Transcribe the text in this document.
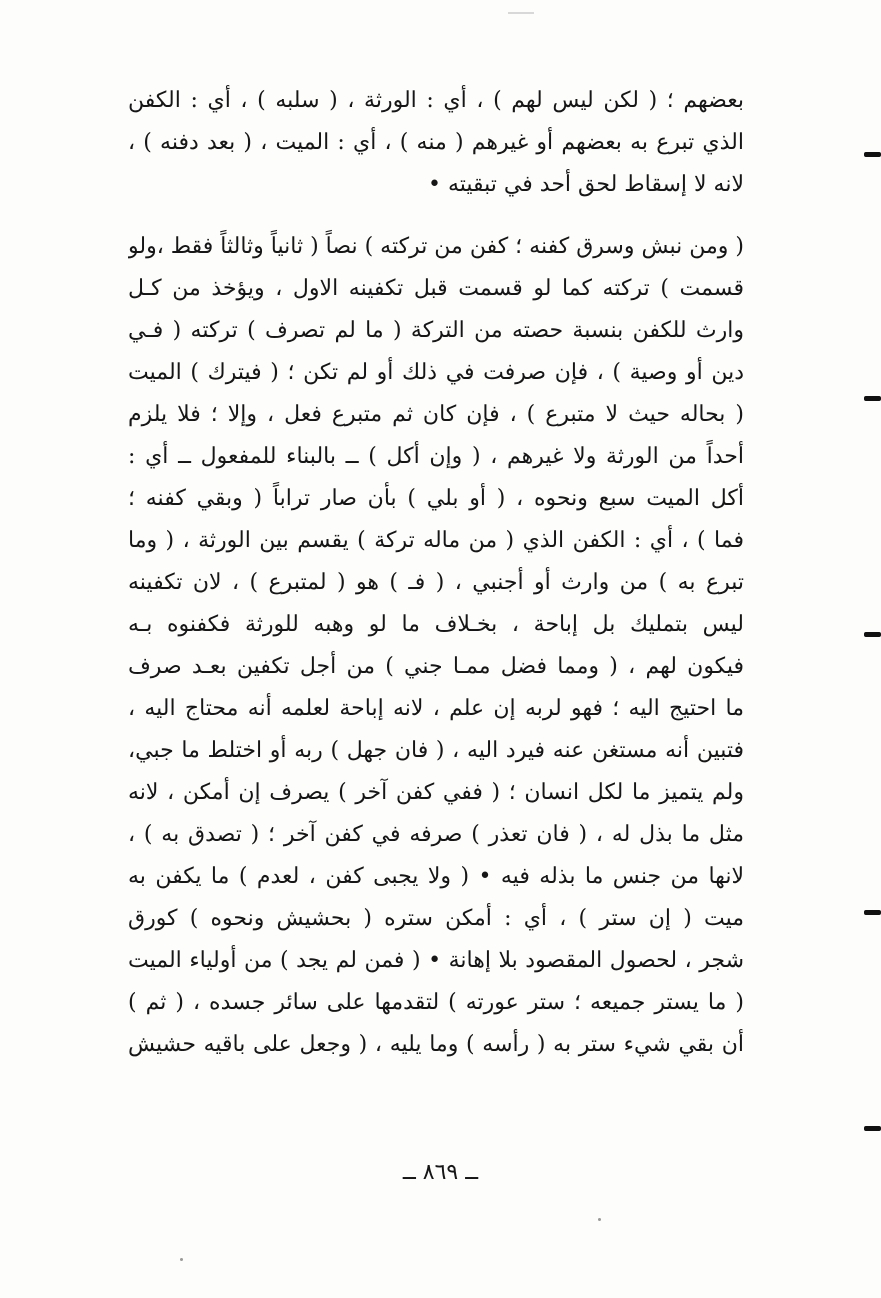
بعضهم ؛ ( لكن ليس لهم ) ، أي : الورثة ، ( سلبه ) ، أي : الكفن
الذي تبرع به بعضهم أو غيرهم ( منه ) ، أي : الميت ، ( بعد دفنه ) ،
لانه لا إسقاط لحق أحد في تبقيته •
( ومن نبش وسرق كفنه ؛ كفن من تركته ) نصاً ( ثانياً وثالثاً فقط ،ولو
قسمت ) تركته كما لو قسمت قبل تكفينه الاول ، ويؤخذ من كـل
وارث للكفن بنسبة حصته من التركة ( ما لم تصرف ) تركته ( فـي
دين أو وصية ) ، فإن صرفت في ذلك أو لم تكن ؛ ( فيترك ) الميت
( بحاله حيث لا متبرع ) ، فإن كان ثم متبرع فعل ، وإلا ؛ فلا يلزم
أحداً من الورثة ولا غيرهم ، ( وإن أكل ) ــ بالبناء للمفعول ــ أي :
أكل الميت سبع ونحوه ، ( أو بلي ) بأن صار تراباً ( وبقي كفنه ؛
فما ) ، أي : الكفن الذي ( من ماله تركة ) يقسم بين الورثة ، ( وما
تبرع به ) من وارث أو أجنبي ، ( فـ ) هو ( لمتبرع ) ، لان تكفينه
ليس بتمليك بل إباحة ، بخـلاف ما لو وهبه للورثة فكفنوه بـه
فيكون لهم ، ( ومما فضل ممـا جني ) من أجل تكفين بعـد صرف
ما احتيج اليه ؛ فهو لربه إن علم ، لانه إباحة لعلمه أنه محتاج اليه ،
فتبين أنه مستغن عنه فيرد اليه ، ( فان جهل ) ربه أو اختلط ما جبي،
ولم يتميز ما لكل انسان ؛ ( ففي كفن آخر ) يصرف إن أمكن ، لانه
مثل ما بذل له ، ( فان تعذر ) صرفه في كفن آخر ؛ ( تصدق به ) ،
لانها من جنس ما بذله فيه • ( ولا يجبى كفن ، لعدم ) ما يكفن به
ميت ( إن ستر ) ، أي : أمكن ستره ( بحشيش ونحوه ) كورق
شجر ، لحصول المقصود بلا إهانة • ( فمن لم يجد ) من أولياء الميت
( ما يستر جميعه ؛ ستر عورته ) لتقدمها على سائر جسده ، ( ثم )
أن بقي شيء ستر به ( رأسه ) وما يليه ، ( وجعل على باقيه حشيش
ــ ٨٦٩ ــ
